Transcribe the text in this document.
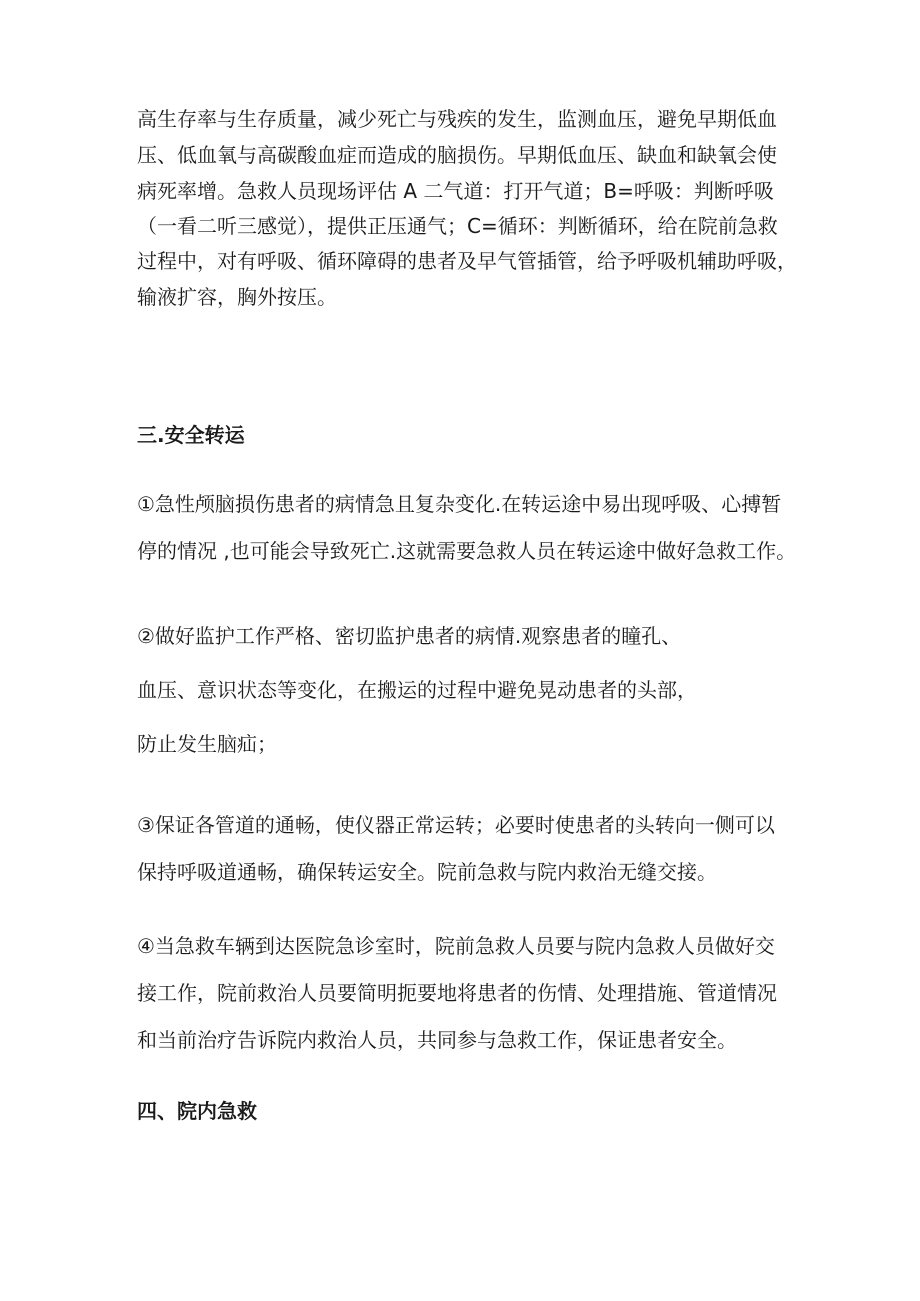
高生存率与生存质量，减少死亡与残疾的发生，监测血压，避免早期低血
压、低血氧与高碳酸血症而造成的脑损伤。早期低血压、缺血和缺氧会使
病死率增。急救人员现场评估 A 二气道：打开气道；B=呼吸：判断呼吸
（一看二听三感觉），提供正压通气；C=循环：判断循环，给在院前急救
过程中，对有呼吸、循环障碍的患者及早气管插管，给予呼吸机辅助呼吸，
输液扩容，胸外按压。
三.安全转运
①急性颅脑损伤患者的病情急且复杂变化.在转运途中易出现呼吸、心搏暂
停的情况 ,也可能会导致死亡.这就需要急救人员在转运途中做好急救工作。
②做好监护工作严格、密切监护患者的病情.观察患者的瞳孔、
血压、意识状态等变化，在搬运的过程中避免晃动患者的头部，
防止发生脑疝；
③保证各管道的通畅，使仪器正常运转；必要时使患者的头转向一侧可以
保持呼吸道通畅，确保转运安全。院前急救与院内救治无缝交接。
④当急救车辆到达医院急诊室时，院前急救人员要与院内急救人员做好交
接工作，院前救治人员要简明扼要地将患者的伤情、处理措施、管道情况
和当前治疗告诉院内救治人员，共同参与急救工作，保证患者安全。
四、院内急救
